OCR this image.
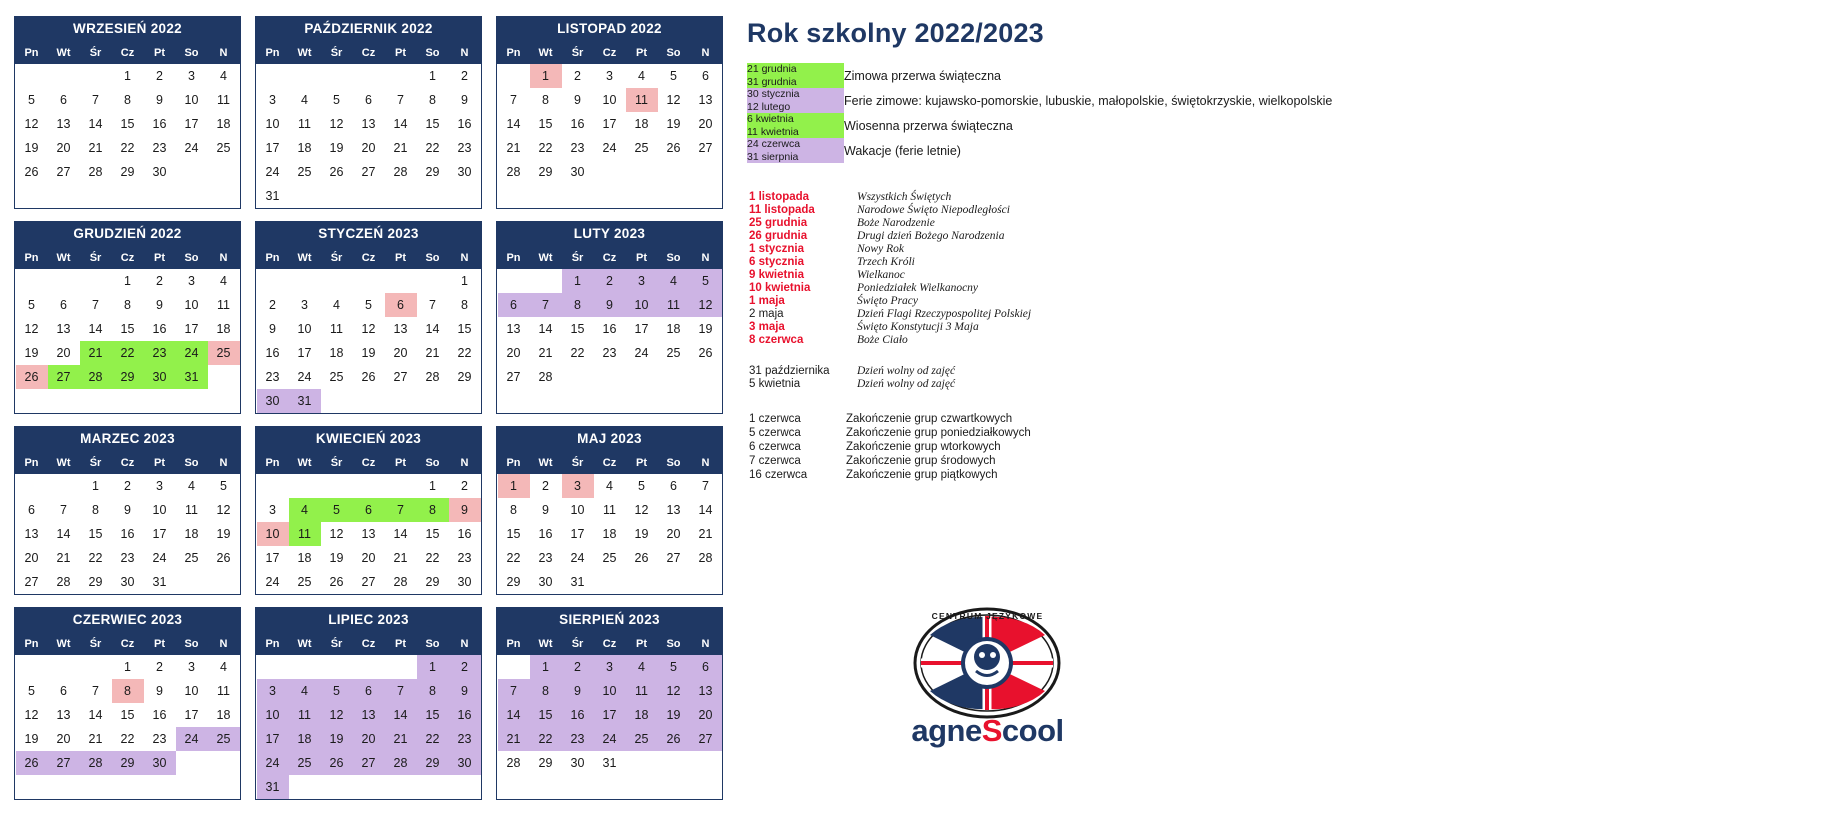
WRZESIEŃ 2022
Pn	Wt	Śr	Cz	Pt	So	N
			1	2	3	4
5	6	7	8	9	10	11
12	13	14	15	16	17	18
19	20	21	22	23	24	25
26	27	28	29	30		
PAŹDZIERNIK 2022
Pn	Wt	Śr	Cz	Pt	So	N
					1	2
3	4	5	6	7	8	9
10	11	12	13	14	15	16
17	18	19	20	21	22	23
24	25	26	27	28	29	30
31						
LISTOPAD 2022
Pn	Wt	Śr	Cz	Pt	So	N
	1	2	3	4	5	6
7	8	9	10	11	12	13
14	15	16	17	18	19	20
21	22	23	24	25	26	27
28	29	30				
GRUDZIEŃ 2022
Pn	Wt	Śr	Cz	Pt	So	N
			1	2	3	4
5	6	7	8	9	10	11
12	13	14	15	16	17	18
19	20	21	22	23	24	25
26	27	28	29	30	31	
STYCZEŃ 2023
Pn	Wt	Śr	Cz	Pt	So	N
						1
2	3	4	5	6	7	8
9	10	11	12	13	14	15
16	17	18	19	20	21	22
23	24	25	26	27	28	29
30	31					
LUTY 2023
Pn	Wt	Śr	Cz	Pt	So	N
		1	2	3	4	5
6	7	8	9	10	11	12
13	14	15	16	17	18	19
20	21	22	23	24	25	26
27	28					
MARZEC 2023
Pn	Wt	Śr	Cz	Pt	So	N
		1	2	3	4	5
6	7	8	9	10	11	12
13	14	15	16	17	18	19
20	21	22	23	24	25	26
27	28	29	30	31		
KWIECIEŃ 2023
Pn	Wt	Śr	Cz	Pt	So	N
					1	2
3	4	5	6	7	8	9
10	11	12	13	14	15	16
17	18	19	20	21	22	23
24	25	26	27	28	29	30
MAJ 2023
Pn	Wt	Śr	Cz	Pt	So	N
1	2	3	4	5	6	7
8	9	10	11	12	13	14
15	16	17	18	19	20	21
22	23	24	25	26	27	28
29	30	31				
CZERWIEC 2023
Pn	Wt	Śr	Cz	Pt	So	N
			1	2	3	4
5	6	7	8	9	10	11
12	13	14	15	16	17	18
19	20	21	22	23	24	25
26	27	28	29	30		
LIPIEC 2023
Pn	Wt	Śr	Cz	Pt	So	N
					1	2
3	4	5	6	7	8	9
10	11	12	13	14	15	16
17	18	19	20	21	22	23
24	25	26	27	28	29	30
31						
SIERPIEŃ 2023
Pn	Wt	Śr	Cz	Pt	So	N
	1	2	3	4	5	6
7	8	9	10	11	12	13
14	15	16	17	18	19	20
21	22	23	24	25	26	27
28	29	30	31			
Rok szkolny 2022/2023
21 grudnia
31 grudnia	Zimowa przerwa świąteczna

30 stycznia
12 lutego	Ferie zimowe: kujawsko-pomorskie, lubuskie, małopolskie, świętokrzyskie, wielkopolskie

6 kwietnia
11 kwietnia	Wiosenna przerwa świąteczna

24 czerwca
31 sierpnia	Wakacje (ferie letnie)
1 listopada	Wszystkich Świętych
11 listopada	Narodowe Święto Niepodległości
25 grudnia	Boże Narodzenie
26 grudnia	Drugi dzień Bożego Narodzenia
1 stycznia	Nowy Rok
6 stycznia	Trzech Króli
9 kwietnia	Wielkanoc
10 kwietnia	Poniedziałek Wielkanocny
1 maja	Święto Pracy
2 maja	Dzień Flagi Rzeczypospolitej Polskiej
3 maja	Święto Konstytucji 3 Maja
8 czerwca	Boże Ciało
31 października	Dzień wolny od zajęć
5 kwietnia	Dzień wolny od zajęć
1 czerwca	Zakończenie grup czwartkowych
5 czerwca	Zakończenie grup poniedziałkowych
6 czerwca	Zakończenie grup wtorkowych
7 czerwca	Zakończenie grup środowych
16 czerwca	Zakończenie grup piątkowych
CENTRUM JĘZYKOWE
agneScool
